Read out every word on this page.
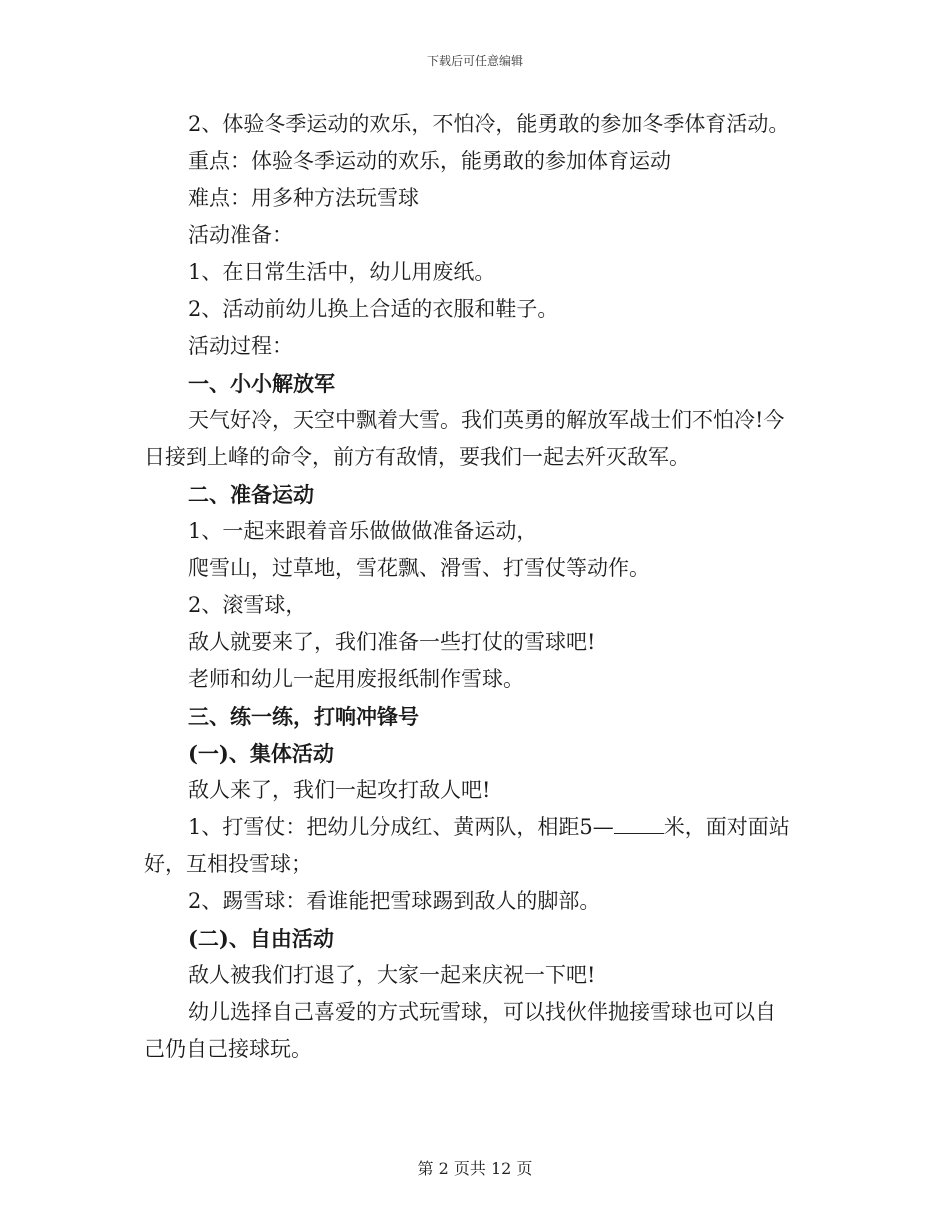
下载后可任意编辑

2、体验冬季运动的欢乐，不怕冷，能勇敢的参加冬季体育活动。

重点：体验冬季运动的欢乐，能勇敢的参加体育运动

难点：用多种方法玩雪球

活动准备：

1、在日常生活中，幼儿用废纸。

2、活动前幼儿换上合适的衣服和鞋子。

活动过程：

一、小小解放军

天气好冷，天空中飘着大雪。我们英勇的解放军战士们不怕冷!今

日接到上峰的命令，前方有敌情，要我们一起去歼灭敌军。

二、准备运动

1、一起来跟着音乐做做做准备运动，

爬雪山，过草地，雪花飘、滑雪、打雪仗等动作。

2、滚雪球，

敌人就要来了，我们准备一些打仗的雪球吧!

老师和幼儿一起用废报纸制作雪球。

三、练一练，打响冲锋号

(一)、集体活动

敌人来了，我们一起攻打敌人吧!

1、打雪仗：把幼儿分成红、黄两队，相距5— 米，面对面站

好，互相投雪球；

2、踢雪球：看谁能把雪球踢到敌人的脚部。

(二)、自由活动

敌人被我们打退了，大家一起来庆祝一下吧!

幼儿选择自己喜爱的方式玩雪球，可以找伙伴抛接雪球也可以自

己仍自己接球玩。

第 2 页共 12 页
